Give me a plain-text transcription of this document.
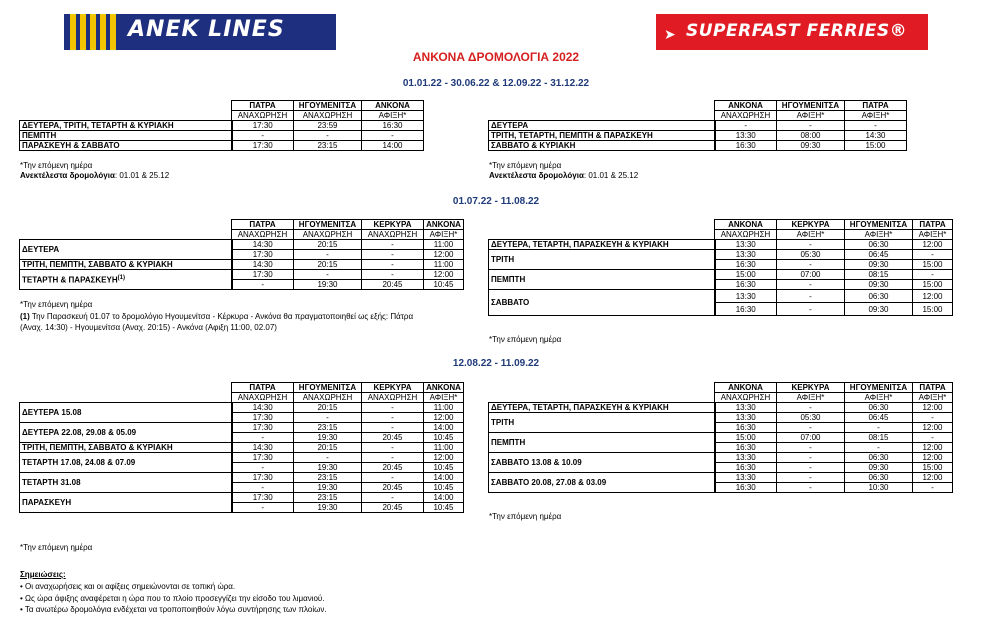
ANEK LINES	➤ SUPERFAST FERRIES®
ΑΝΚΟΝΑ ΔΡΟΜΟΛΟΓΙΑ 2022
01.01.22 - 30.06.22 & 12.09.22 - 31.12.22
01.07.22 - 11.08.22
12.08.22 - 11.09.22
	ΠΑΤΡΑ	ΗΓΟΥΜΕΝΙΤΣΑ	ΑΝΚΟΝΑ
	ΑΝΑΧΩΡΗΣΗ	ΑΝΑΧΩΡΗΣΗ	ΑΦΙΞΗ*
ΔΕΥΤΕΡΑ, ΤΡΙΤΗ, ΤΕΤΑΡΤΗ & ΚΥΡΙΑΚΗ	17:30	23:59	16:30
ΠΕΜΠΤΗ	-	-	-
ΠΑΡΑΣΚΕΥΗ & ΣΑΒΒΑΤΟ	17:30	23:15	14:00
	ΑΝΚΟΝΑ	ΗΓΟΥΜΕΝΙΤΣΑ	ΠΑΤΡΑ
	ΑΝΑΧΩΡΗΣΗ	ΑΦΙΞΗ*	ΑΦΙΞΗ*
ΔΕΥΤΕΡΑ	-	-	-
ΤΡΙΤΗ, ΤΕΤΑΡΤΗ, ΠΕΜΠΤΗ & ΠΑΡΑΣΚΕΥΗ	13:30	08:00	14:30
ΣΑΒΒΑΤΟ & ΚΥΡΙΑΚΗ	16:30	09:30	15:00
	ΠΑΤΡΑ	ΗΓΟΥΜΕΝΙΤΣΑ	ΚΕΡΚΥΡΑ	ΑΝΚΟΝΑ
	ΑΝΑΧΩΡΗΣΗ	ΑΝΑΧΩΡΗΣΗ	ΑΝΑΧΩΡΗΣΗ	ΑΦΙΞΗ*
ΔΕΥΤΕΡΑ	14:30	20:15	-	11:00
	17:30	-	-	12:00
ΤΡΙΤΗ, ΠΕΜΠΤΗ, ΣΑΒΒΑΤΟ & ΚΥΡΙΑΚΗ	14:30	20:15	-	11:00
ΤΕΤΑΡΤΗ & ΠΑΡΑΣΚΕΥΗ$^{(1)}$	17:30	-	-	12:00
	-	19:30	20:45	10:45
	ΑΝΚΟΝΑ	ΚΕΡΚΥΡΑ	ΗΓΟΥΜΕΝΙΤΣΑ	ΠΑΤΡΑ
	ΑΝΑΧΩΡΗΣΗ	ΑΦΙΞΗ*	ΑΦΙΞΗ*	ΑΦΙΞΗ*
ΔΕΥΤΕΡΑ, ΤΕΤΑΡΤΗ, ΠΑΡΑΣΚΕΥΗ & ΚΥΡΙΑΚΗ	13:30	-	06:30	12:00
ΤΡΙΤΗ	13:30	05:30	06:45	-
	16:30	-	09:30	15:00
ΠΕΜΠΤΗ	15:00	07:00	08:15	-
	16:30	-	09:30	15:00
ΣΑΒΒΑΤΟ	13:30	-	06:30	12:00
	16:30	-	09:30	15:00
	ΠΑΤΡΑ	ΗΓΟΥΜΕΝΙΤΣΑ	ΚΕΡΚΥΡΑ	ΑΝΚΟΝΑ
	ΑΝΑΧΩΡΗΣΗ	ΑΝΑΧΩΡΗΣΗ	ΑΝΑΧΩΡΗΣΗ	ΑΦΙΞΗ*
ΔΕΥΤΕΡΑ 15.08	14:30	20:15	-	11:00
	17:30	-	-	12:00
ΔΕΥΤΕΡΑ 22.08, 29.08 & 05.09	17:30	23:15	-	14:00
	-	19:30	20:45	10:45
ΤΡΙΤΗ, ΠΕΜΠΤΗ, ΣΑΒΒΑΤΟ & ΚΥΡΙΑΚΗ	14:30	20:15	-	11:00
ΤΕΤΑΡΤΗ 17.08, 24.08 & 07.09	17:30	-	-	12:00
	-	19:30	20:45	10:45
ΤΕΤΑΡΤΗ 31.08	17:30	23:15	-	14:00
	-	19:30	20:45	10:45
ΠΑΡΑΣΚΕΥΗ	17:30	23:15	-	14:00
	-	19:30	20:45	10:45
	ΑΝΚΟΝΑ	ΚΕΡΚΥΡΑ	ΗΓΟΥΜΕΝΙΤΣΑ	ΠΑΤΡΑ
	ΑΝΑΧΩΡΗΣΗ	ΑΦΙΞΗ*	ΑΦΙΞΗ*	ΑΦΙΞΗ*
ΔΕΥΤΕΡΑ, ΤΕΤΑΡΤΗ, ΠΑΡΑΣΚΕΥΗ & ΚΥΡΙΑΚΗ	13:30	-	06:30	12:00
ΤΡΙΤΗ	13:30	05:30	06:45	-
	16:30	-	-	12:00
ΠΕΜΠΤΗ	15:00	07:00	08:15	-
	16:30	-	-	12:00
ΣΑΒΒΑΤΟ 13.08 & 10.09	13:30	-	06:30	12:00
	16:30	-	09:30	15:00
ΣΑΒΒΑΤΟ 20.08, 27.08 & 03.09	13:30	-	06:30	12:00
	16:30	-	10:30	-
*Την επόμενη ημέρα
Ανεκτέλεστα δρομολόγια: 01.01 & 25.12
*Την επόμενη ημέρα
Ανεκτέλεστα δρομολόγια: 01.01 & 25.12
*Την επόμενη ημέρα
(1) Την Παρασκευή 01.07 το δρομολόγιο Ηγουμενίτσα - Κέρκυρα - Ανκόνα θα πραγματοποιηθεί ως εξής: Πάτρα
(Αναχ. 14:30) - Ηγουμενίτσα (Αναχ. 20:15) - Ανκόνα (Αφιξη 11:00, 02.07)
*Την επόμενη ημέρα
*Την επόμενη ημέρα
*Την επόμενη ημέρα
Σημειώσεις:
• Οι αναχωρήσεις και οι αφίξεις σημειώνονται σε τοπική ώρα.
• Ως ώρα άφιξης αναφέρεται η ώρα που το πλοίο προσεγγίζει την είσοδο του λιμανιού.
• Τα ανωτέρω δρομολόγια ενδέχεται να τροποποιηθούν λόγω συντήρησης των πλοίων.
